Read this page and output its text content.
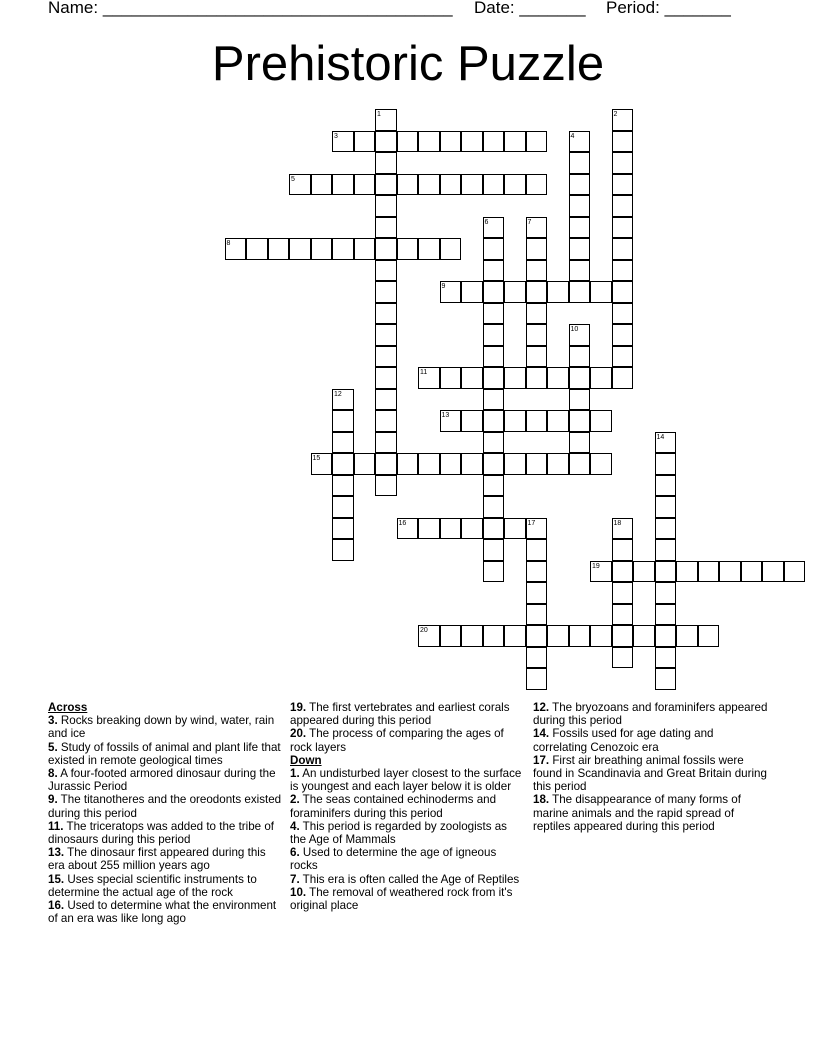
Name: _____________________________________ Date: _______ Period: _______
Prehistoric Puzzle
1	2
3	4
5
6	7
8
9
10
11
12
13
14
15
16	17	18
19
20
Across
3. Rocks breaking down by wind, water, rain and ice
5. Study of fossils of animal and plant life that existed in remote geological times
8. A four-footed armored dinosaur during the Jurassic Period
9. The titanotheres and the oreodonts existed during this period
11. The triceratops was added to the tribe of dinosaurs during this period
13. The dinosaur first appeared during this era about 255 million years ago
15. Uses special scientific instruments to determine the actual age of the rock
16. Used to determine what the environment of an era was like long ago
19. The first vertebrates and earliest corals appeared during this period
20. The process of comparing the ages of rock layers
Down
1. An undisturbed layer closest to the surface is youngest and each layer below it is older
2. The seas contained echinoderms and foraminifers during this period
4. This period is regarded by zoologists as the Age of Mammals
6. Used to determine the age of igneous rocks
7. This era is often called the Age of Reptiles
10. The removal of weathered rock from it's original place
12. The bryozoans and foraminifers appeared during this period
14. Fossils used for age dating and correlating Cenozoic era
17. First air breathing animal fossils were found in Scandinavia and Great Britain during this period
18. The disappearance of many forms of marine animals and the rapid spread of reptiles appeared during this period
